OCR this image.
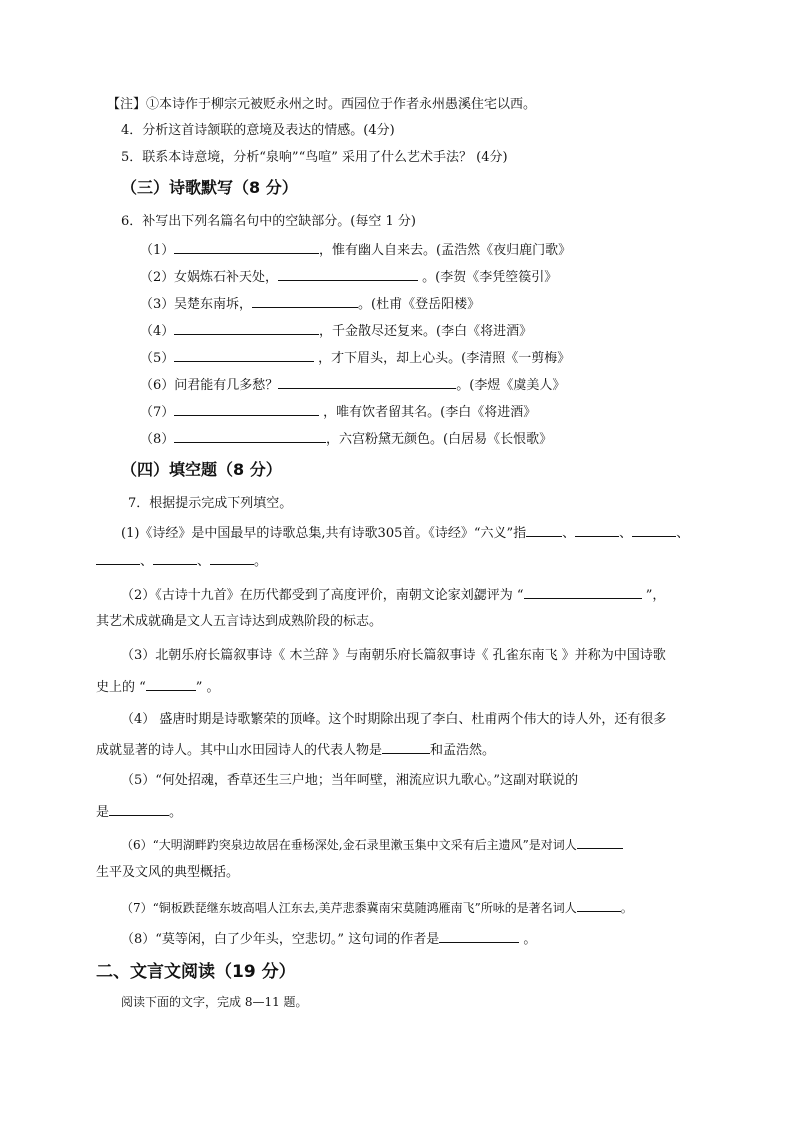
【注】①本诗作于柳宗元被贬永州之时。西园位于作者永州愚溪住宅以西。
4．分析这首诗颔联的意境及表达的情感。(4分)
5．联系本诗意境，分析“泉响”“鸟喧” 采用了什么艺术手法？ (4分)
（三）诗歌默写（8 分）
6．补写出下列名篇名句中的空缺部分。(每空 1 分)
（1）	，惟有幽人自来去。(孟浩然《夜归鹿门歌》
（2）女娲炼石补天处，	。(李贺《李凭箜篌引》
（3）吴楚东南坼，	。(杜甫《登岳阳楼》
（4）	，千金散尽还复来。(李白《将进酒》
（5）	，才下眉头，却上心头。(李清照《一剪梅》
（6）问君能有几多愁？	。(李煜《虞美人》
（7）	，唯有饮者留其名。(李白《将进酒》
（8）	，六宫粉黛无颜色。(白居易《长恨歌》
（四）填空题（8 分）
7．根据提示完成下列填空。
(1)《诗经》是中国最早的诗歌总集,共有诗歌305首。《诗经》“六义”指	、	、	、
、	、	。
（2）《古诗十九首》在历代都受到了高度评价，南朝文论家刘勰评为 “	”，
其艺术成就确是文人五言诗达到成熟阶段的标志。
（3）北朝乐府长篇叙事诗《 木兰辞 》与南朝乐府长篇叙事诗《 孔雀东南飞 》并称为中国诗歌
史上的 “	” 。
（4） 盛唐时期是诗歌繁荣的顶峰。这个时期除出现了李白、杜甫两个伟大的诗人外，还有很多
成就显著的诗人。其中山水田园诗人的代表人物是	和孟浩然。
（5）“何处招魂，香草还生三户地；当年呵壁，湘流应识九歌心。”这副对联说的
是	。
（6）“大明湖畔趵突泉边故居在垂杨深处,金石录里漱玉集中文采有后主遗风”是对词人
生平及文风的典型概括。
（7）“铜板跌琵继东坡高唱人江东去,美芹悲黍冀南宋莫随鸿雁南飞”所咏的是著名词人	。
（8）“莫等闲，白了少年头，空悲切。” 这句词的作者是	。
二、文言文阅读（19 分）
阅读下面的文字，完成 8—11 题。
